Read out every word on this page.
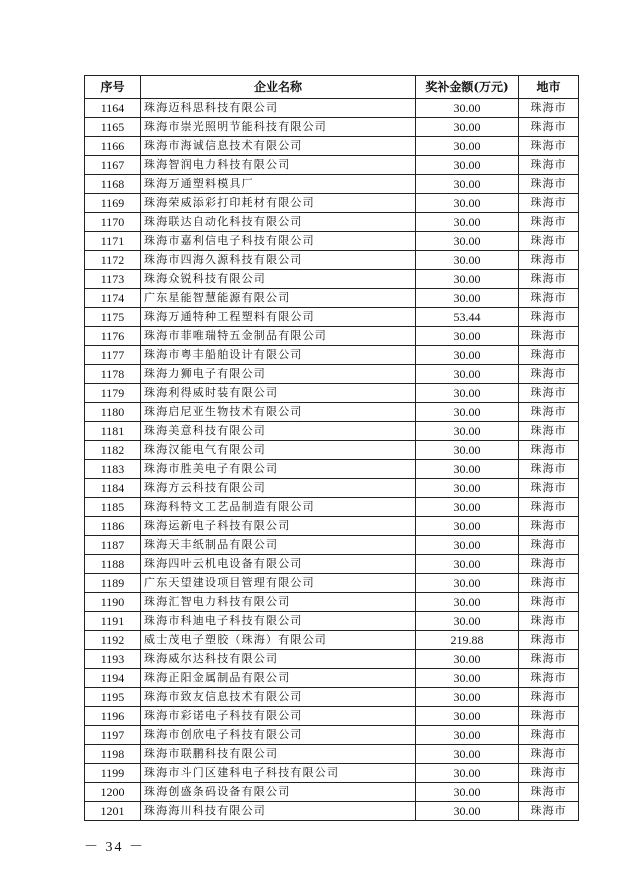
序号	企业名称	奖补金额(万元)	地市
1164	珠海迈科思科技有限公司	30.00	珠海市
1165	珠海市崇光照明节能科技有限公司	30.00	珠海市
1166	珠海市海诚信息技术有限公司	30.00	珠海市
1167	珠海智润电力科技有限公司	30.00	珠海市
1168	珠海万通塑料模具厂	30.00	珠海市
1169	珠海荣威添彩打印耗材有限公司	30.00	珠海市
1170	珠海联达自动化科技有限公司	30.00	珠海市
1171	珠海市嘉利信电子科技有限公司	30.00	珠海市
1172	珠海市四海久源科技有限公司	30.00	珠海市
1173	珠海众锐科技有限公司	30.00	珠海市
1174	广东星能智慧能源有限公司	30.00	珠海市
1175	珠海万通特种工程塑料有限公司	53.44	珠海市
1176	珠海市菲唯瑞特五金制品有限公司	30.00	珠海市
1177	珠海市粤丰船舶设计有限公司	30.00	珠海市
1178	珠海力狮电子有限公司	30.00	珠海市
1179	珠海利得威时装有限公司	30.00	珠海市
1180	珠海启尼亚生物技术有限公司	30.00	珠海市
1181	珠海美意科技有限公司	30.00	珠海市
1182	珠海汉能电气有限公司	30.00	珠海市
1183	珠海市胜美电子有限公司	30.00	珠海市
1184	珠海方云科技有限公司	30.00	珠海市
1185	珠海科特文工艺品制造有限公司	30.00	珠海市
1186	珠海运新电子科技有限公司	30.00	珠海市
1187	珠海天丰纸制品有限公司	30.00	珠海市
1188	珠海四叶云机电设备有限公司	30.00	珠海市
1189	广东天望建设项目管理有限公司	30.00	珠海市
1190	珠海汇智电力科技有限公司	30.00	珠海市
1191	珠海市科迪电子科技有限公司	30.00	珠海市
1192	威士茂电子塑胶（珠海）有限公司	219.88	珠海市
1193	珠海威尔达科技有限公司	30.00	珠海市
1194	珠海正阳金属制品有限公司	30.00	珠海市
1195	珠海市致友信息技术有限公司	30.00	珠海市
1196	珠海市彩诺电子科技有限公司	30.00	珠海市
1197	珠海市创欣电子科技有限公司	30.00	珠海市
1198	珠海市联鹏科技有限公司	30.00	珠海市
1199	珠海市斗门区建科电子科技有限公司	30.00	珠海市
1200	珠海创盛条码设备有限公司	30.00	珠海市
1201	珠海海川科技有限公司	30.00	珠海市
－ 34 －
